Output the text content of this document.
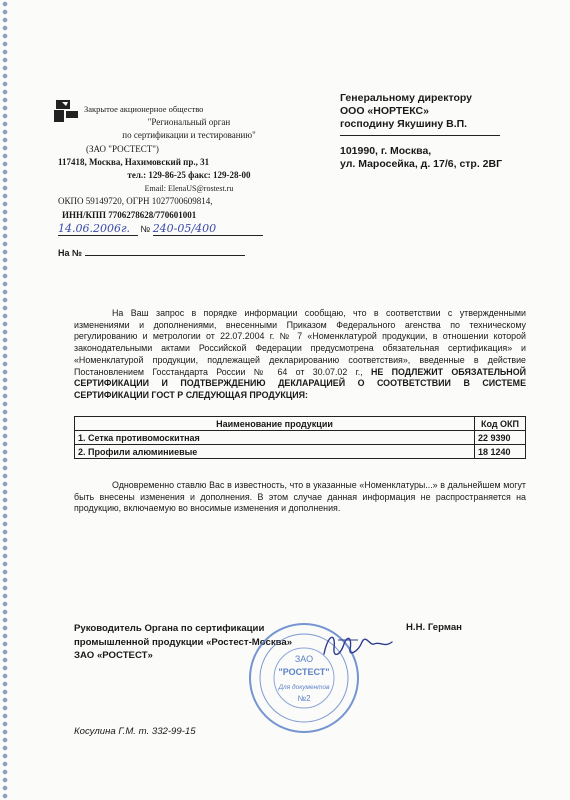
Закрытое акционерное общество
"Региональный орган
по сертификации и тестированию"
(ЗАО "РОСТЕСТ")
117418, Москва, Нахимовский пр., 31
тел.: 129-86-25 факс: 129-28-00
Email: ElenaUS@rostest.ru
ОКПО 59149720, ОГРН 1027700609814,
ИНН/КПП 7706278628/770601001
14.06.2006г. № 240-05/400
На №
Генеральному директору
ООО «НОРТЕКС»
господину Якушину В.П.
101990, г. Москва,
ул. Маросейка, д. 17/6, стр. 2ВГ
На Ваш запрос в порядке информации сообщаю, что в соответствии с утвержденными изменениями и дополнениями, внесенными Приказом Федерального агенства по техническому регулированию и метрологии от 22.07.2004 г. № 7 «Номенклатурой продукции, в отношении которой законодательными актами Российской Федерации предусмотрена обязательная сертификация» и «Номенклатурой продукции, подлежащей декларированию соответствия», введенные в действие Постановлением Госстандарта России № 64 от 30.07.02 г., НЕ ПОДЛЕЖИТ ОБЯЗАТЕЛЬНОЙ СЕРТИФИКАЦИИ И ПОДТВЕРЖДЕНИЮ ДЕКЛАРАЦИЕЙ О СООТВЕТСТВИИ В СИСТЕМЕ СЕРТИФИКАЦИИ ГОСТ Р СЛЕДУЮЩАЯ ПРОДУКЦИЯ:
Наименование продукции	Код ОКП
1. Сетка противомоскитная	22 9390
2. Профили алюминиевые	18 1240
Одновременно ставлю Вас в известность, что в указанные «Номенклатуры...» в дальнейшем могут быть внесены изменения и дополнения. В этом случае данная информация не распространяется на продукцию, включаемую во вносимые изменения и дополнения.
Руководитель Органа по сертификации
промышленной продукции «Ростест-Москва»
ЗАО «РОСТЕСТ»	ЗАО
"РОСТЕСТ"
Для документов
№2
Н.Н. Герман
Косулина Г.М. т. 332-99-15
